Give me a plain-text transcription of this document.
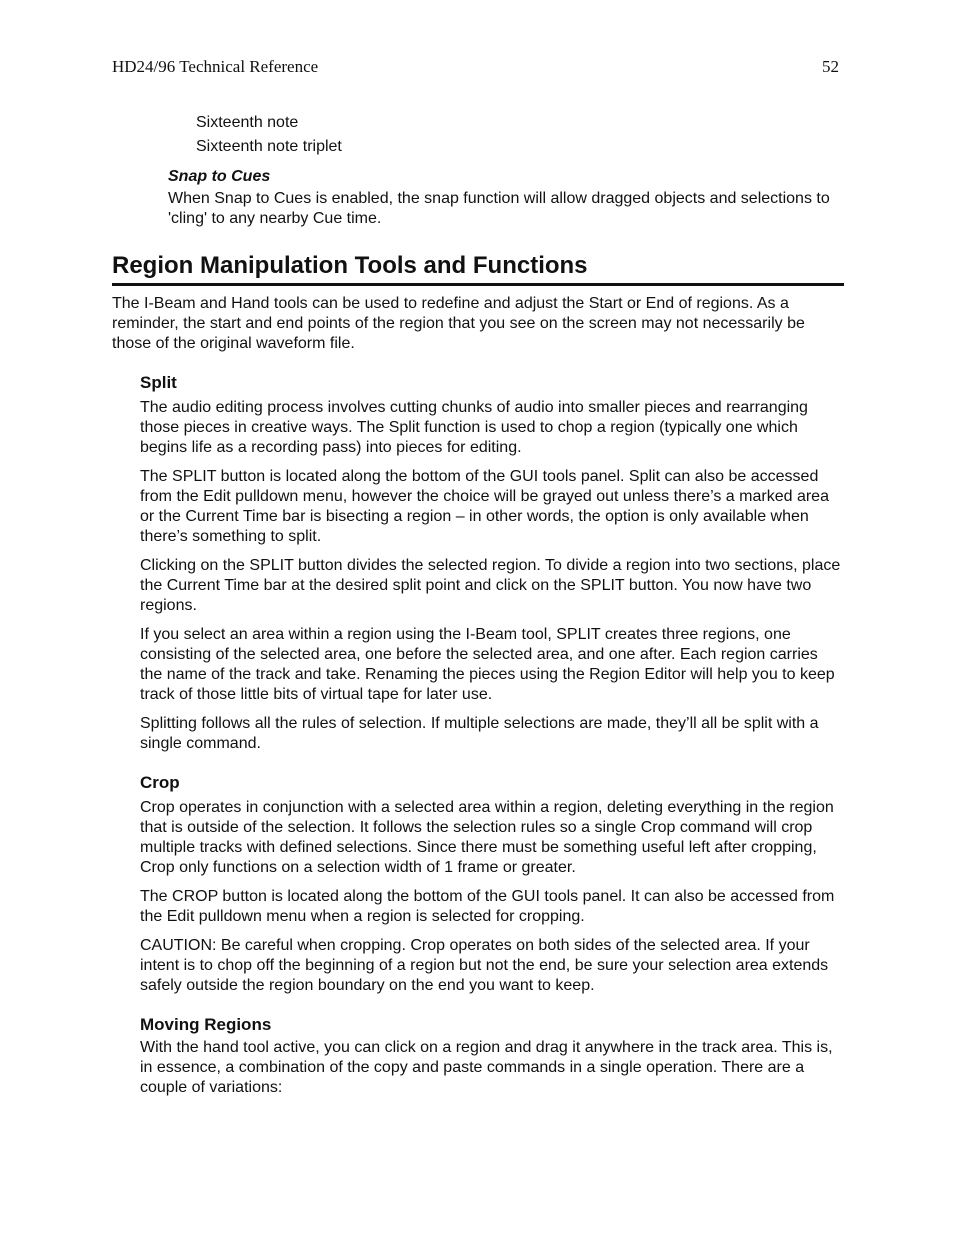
HD24/96 Technical Reference	52
Sixteenth note
Sixteenth note triplet
Snap to Cues

When Snap to Cues is enabled, the snap function will allow dragged objects and selections to 'cling' to any nearby Cue time.

Region Manipulation Tools and Functions

The I-Beam and Hand tools can be used to redefine and adjust the Start or End of regions. As a reminder, the start and end points of the region that you see on the screen may not necessarily be those of the original waveform file.

Split

The audio editing process involves cutting chunks of audio into smaller pieces and rearranging those pieces in creative ways. The Split function is used to chop a region (typically one which begins life as a recording pass) into pieces for editing.

The SPLIT button is located along the bottom of the GUI tools panel. Split can also be accessed from the Edit pulldown menu, however the choice will be grayed out unless there’s a marked area or the Current Time bar is bisecting a region – in other words, the option is only available when there’s something to split.

Clicking on the SPLIT button divides the selected region. To divide a region into two sections, place the Current Time bar at the desired split point and click on the SPLIT button. You now have two regions.

If you select an area within a region using the I-Beam tool, SPLIT creates three regions, one consisting of the selected area, one before the selected area, and one after. Each region carries the name of the track and take. Renaming the pieces using the Region Editor will help you to keep track of those little bits of virtual tape for later use.

Splitting follows all the rules of selection. If multiple selections are made, they’ll all be split with a single command.

Crop

Crop operates in conjunction with a selected area within a region, deleting everything in the region that is outside of the selection. It follows the selection rules so a single Crop command will crop multiple tracks with defined selections. Since there must be something useful left after cropping, Crop only functions on a selection width of 1 frame or greater.

The CROP button is located along the bottom of the GUI tools panel. It can also be accessed from the Edit pulldown menu when a region is selected for cropping.

CAUTION: Be careful when cropping. Crop operates on both sides of the selected area. If your intent is to chop off the beginning of a region but not the end, be sure your selection area extends safely outside the region boundary on the end you want to keep.

Moving Regions

With the hand tool active, you can click on a region and drag it anywhere in the track area. This is, in essence, a combination of the copy and paste commands in a single operation. There are a couple of variations:
